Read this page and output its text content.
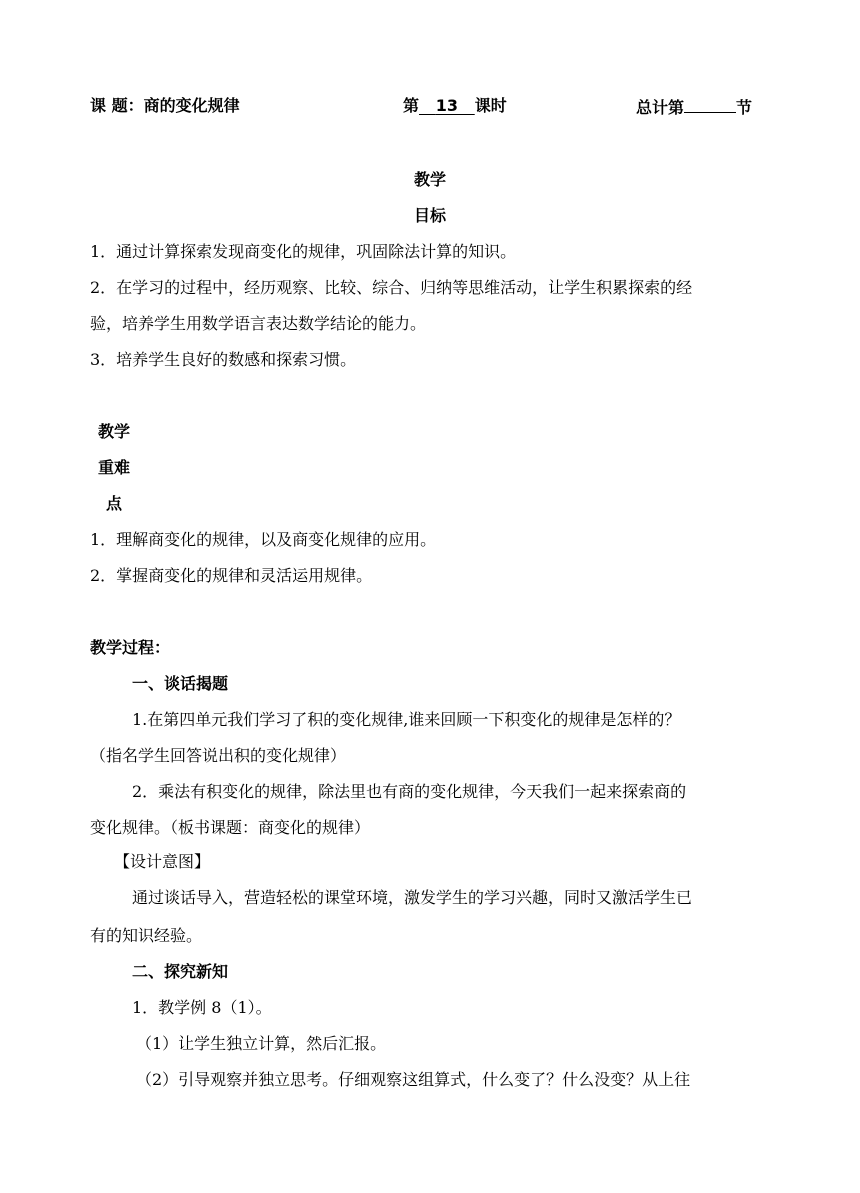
课 题：商的变化规律	第 13 课时	总计第	节
教学
目标
1．通过计算探索发现商变化的规律，巩固除法计算的知识。
2．在学习的过程中，经历观察、比较、综合、归纳等思维活动，让学生积累探索的经
验，培养学生用数学语言表达数学结论的能力。
3．培养学生良好的数感和探索习惯。
教学
重难
点
1．理解商变化的规律，以及商变化规律的应用。
2．掌握商变化的规律和灵活运用规律。
教学过程：
一、谈话揭题
1.在第四单元我们学习了积的变化规律,谁来回顾一下积变化的规律是怎样的？
（指名学生回答说出积的变化规律）
2．乘法有积变化的规律，除法里也有商的变化规律，今天我们一起来探索商的
变化规律。（板书课题：商变化的规律）
【设计意图】
通过谈话导入，营造轻松的课堂环境，激发学生的学习兴趣，同时又激活学生已
有的知识经验。
二、探究新知
1．教学例 8（1）。
（1）让学生独立计算，然后汇报。
（2）引导观察并独立思考。仔细观察这组算式，什么变了？什么没变？从上往
